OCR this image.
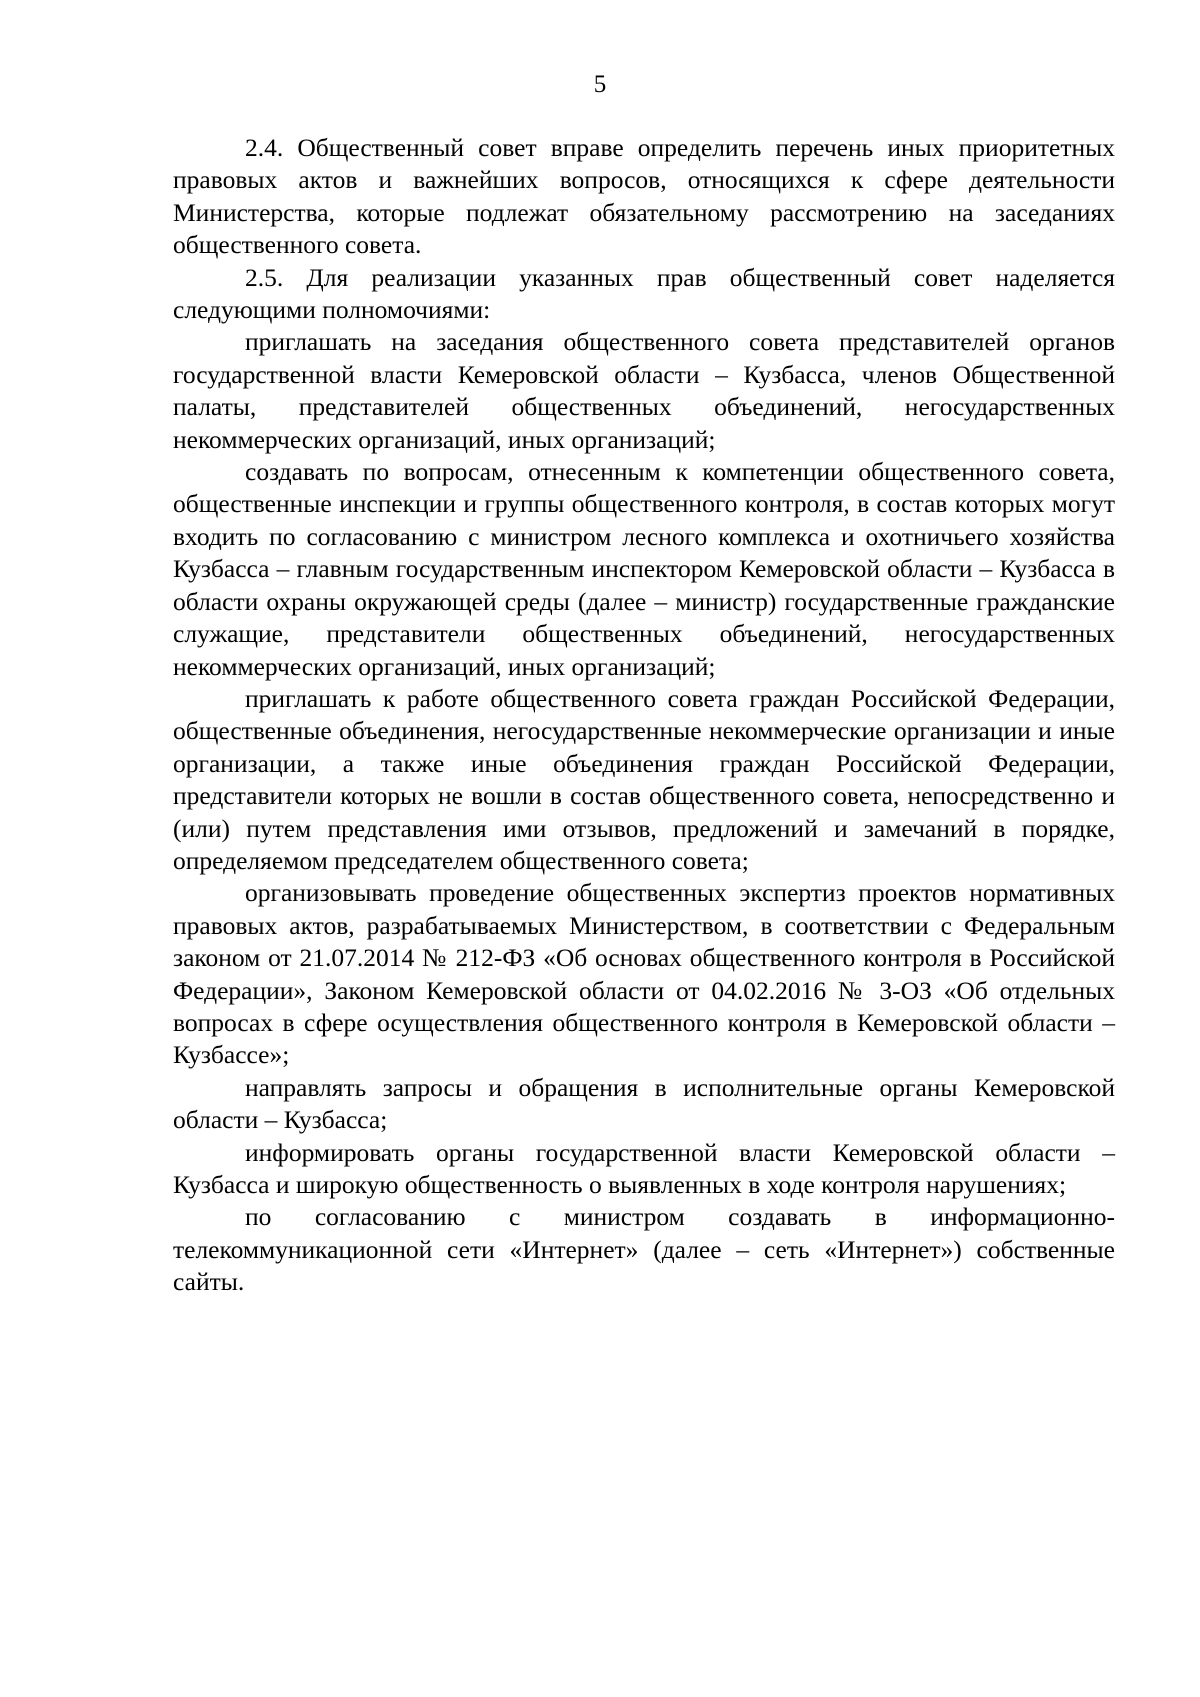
5

2.4. Общественный совет вправе определить перечень иных приоритетных правовых актов и важнейших вопросов, относящихся к сфере деятельности Министерства, которые подлежат обязательному рассмотрению на заседаниях общественного совета.

2.5. Для реализации указанных прав общественный совет наделяется следующими полномочиями:

приглашать на заседания общественного совета представителей органов государственной власти Кемеровской области – Кузбасса, членов Общественной палаты, представителей общественных объединений, негосударственных некоммерческих организаций, иных организаций;

создавать по вопросам, отнесенным к компетенции общественного совета, общественные инспекции и группы общественного контроля, в состав которых могут входить по согласованию с министром лесного комплекса и охотничьего хозяйства Кузбасса – главным государственным инспектором Кемеровской области – Кузбасса в области охраны окружающей среды (далее – министр) государственные гражданские служащие, представители общественных объединений, негосударственных некоммерческих организаций, иных организаций;

приглашать к работе общественного совета граждан Российской Федерации, общественные объединения, негосударственные некоммерческие организации и иные организации, а также иные объединения граждан Российской Федерации, представители которых не вошли в состав общественного совета, непосредственно и (или) путем представления ими отзывов, предложений и замечаний в порядке, определяемом председателем общественного совета;

организовывать проведение общественных экспертиз проектов нормативных правовых актов, разрабатываемых Министерством, в соответствии с Федеральным законом от 21.07.2014 № 212-ФЗ «Об основах общественного контроля в Российской Федерации», Законом Кемеровской области от 04.02.2016 № 3-ОЗ «Об отдельных вопросах в сфере осуществления общественного контроля в Кемеровской области – Кузбассе»;

направлять запросы и обращения в исполнительные органы Кемеровской области – Кузбасса;

информировать органы государственной власти Кемеровской области – Кузбасса и широкую общественность о выявленных в ходе контроля нарушениях;

по согласованию с министром создавать в информационно-телекоммуникационной сети «Интернет» (далее – сеть «Интернет») собственные сайты.
